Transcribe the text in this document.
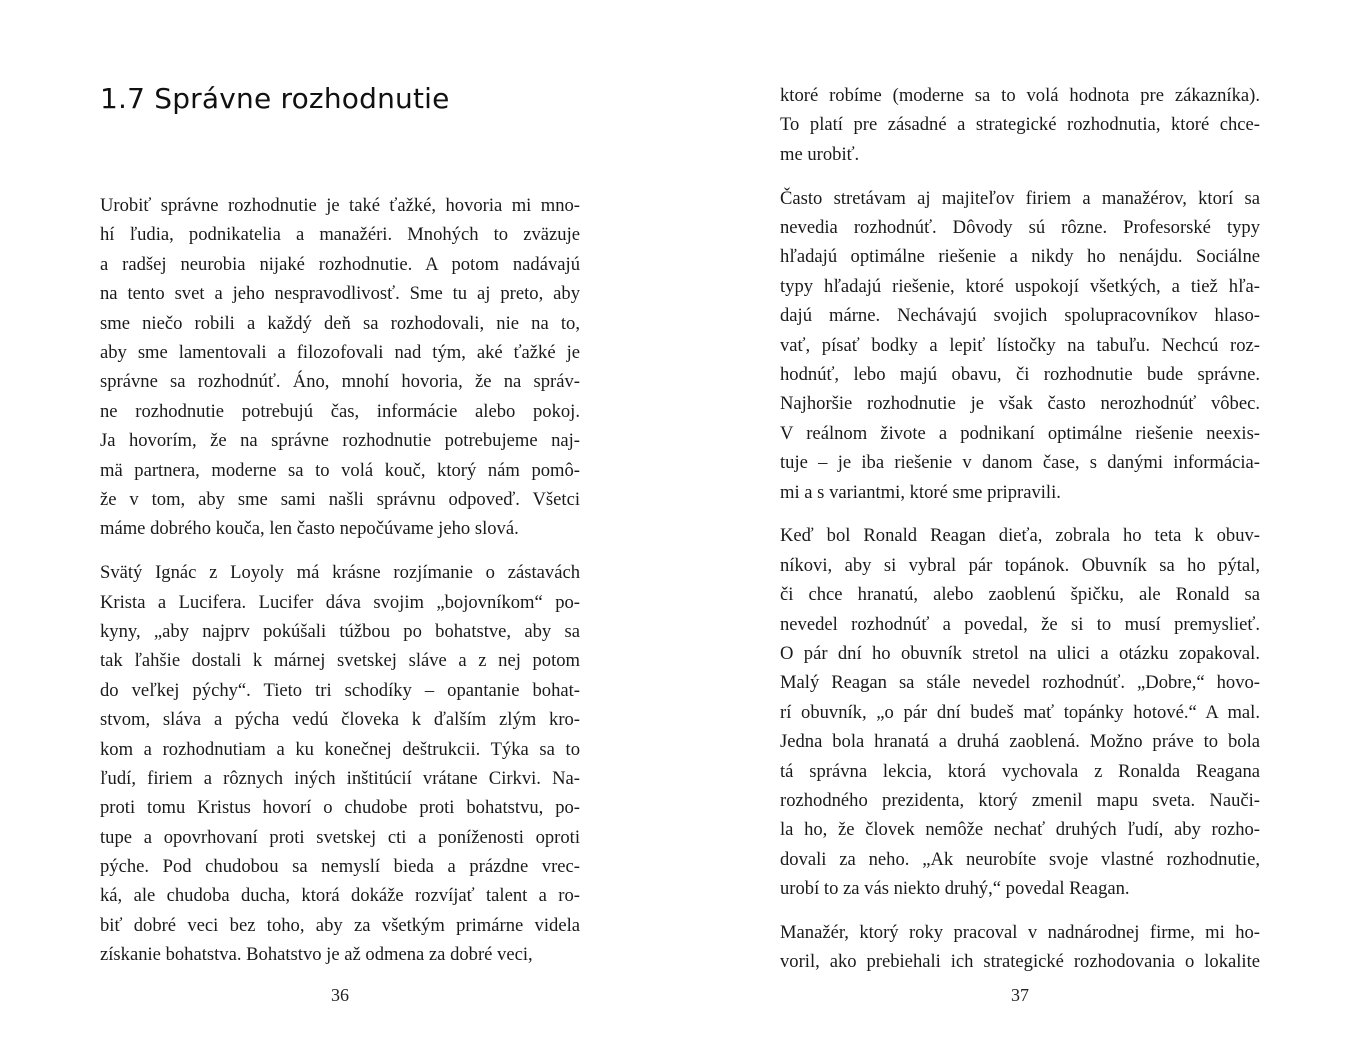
1.7 Správne rozhodnutie
Urobiť správne rozhodnutie je také ťažké, hovoria mi mno-
hí ľudia, podnikatelia a manažéri. Mnohých to zväzuje
a radšej neurobia nijaké rozhodnutie. A potom nadávajú
na tento svet a jeho nespravodlivosť. Sme tu aj preto, aby
sme niečo robili a každý deň sa rozhodovali, nie na to,
aby sme lamentovali a filozofovali nad tým, aké ťažké je
správne sa rozhodnúť. Áno, mnohí hovoria, že na správ-
ne rozhodnutie potrebujú čas, informácie alebo pokoj.
Ja hovorím, že na správne rozhodnutie potrebujeme naj-
mä partnera, moderne sa to volá kouč, ktorý nám pomô-
že v tom, aby sme sami našli správnu odpoveď. Všetci
máme dobrého kouča, len často nepočúvame jeho slová.
Svätý Ignác z Loyoly má krásne rozjímanie o zástavách
Krista a Lucifera. Lucifer dáva svojim „bojovníkom“ po-
kyny, „aby najprv pokúšali túžbou po bohatstve, aby sa
tak ľahšie dostali k márnej svetskej sláve a z nej potom
do veľkej pýchy“. Tieto tri schodíky – opantanie bohat-
stvom, sláva a pýcha vedú človeka k ďalším zlým kro-
kom a rozhodnutiam a ku konečnej deštrukcii. Týka sa to
ľudí, firiem a rôznych iných inštitúcií vrátane Cirkvi. Na-
proti tomu Kristus hovorí o chudobe proti bohatstvu, po-
tupe a opovrhovaní proti svetskej cti a poníženosti oproti
pýche. Pod chudobou sa nemyslí bieda a prázdne vrec-
ká, ale chudoba ducha, ktorá dokáže rozvíjať talent a ro-
biť dobré veci bez toho, aby za všetkým primárne videla
získanie bohatstva. Bohatstvo je až odmena za dobré veci,
36
ktoré robíme (moderne sa to volá hodnota pre zákazníka).
To platí pre zásadné a strategické rozhodnutia, ktoré chce-
me urobiť.
Často stretávam aj majiteľov firiem a manažérov, ktorí sa
nevedia rozhodnúť. Dôvody sú rôzne. Profesorské typy
hľadajú optimálne riešenie a nikdy ho nenájdu. Sociálne
typy hľadajú riešenie, ktoré uspokojí všetkých, a tiež hľa-
dajú márne. Nechávajú svojich spolupracovníkov hlaso-
vať, písať bodky a lepiť lístočky na tabuľu. Nechcú roz-
hodnúť, lebo majú obavu, či rozhodnutie bude správne.
Najhoršie rozhodnutie je však často nerozhodnúť vôbec.
V reálnom živote a podnikaní optimálne riešenie neexis-
tuje – je iba riešenie v danom čase, s danými informácia-
mi a s variantmi, ktoré sme pripravili.
Keď bol Ronald Reagan dieťa, zobrala ho teta k obuv-
níkovi, aby si vybral pár topánok. Obuvník sa ho pýtal,
či chce hranatú, alebo zaoblenú špičku, ale Ronald sa
nevedel rozhodnúť a povedal, že si to musí premyslieť.
O pár dní ho obuvník stretol na ulici a otázku zopakoval.
Malý Reagan sa stále nevedel rozhodnúť. „Dobre,“ hovo-
rí obuvník, „o pár dní budeš mať topánky hotové.“ A mal.
Jedna bola hranatá a druhá zaoblená. Možno práve to bola
tá správna lekcia, ktorá vychovala z Ronalda Reagana
rozhodného prezidenta, ktorý zmenil mapu sveta. Nauči-
la ho, že človek nemôže nechať druhých ľudí, aby rozho-
dovali za neho. „Ak neurobíte svoje vlastné rozhodnutie,
urobí to za vás niekto druhý,“ povedal Reagan.
Manažér, ktorý roky pracoval v nadnárodnej firme, mi ho-
voril, ako prebiehali ich strategické rozhodovania o lokalite
37
